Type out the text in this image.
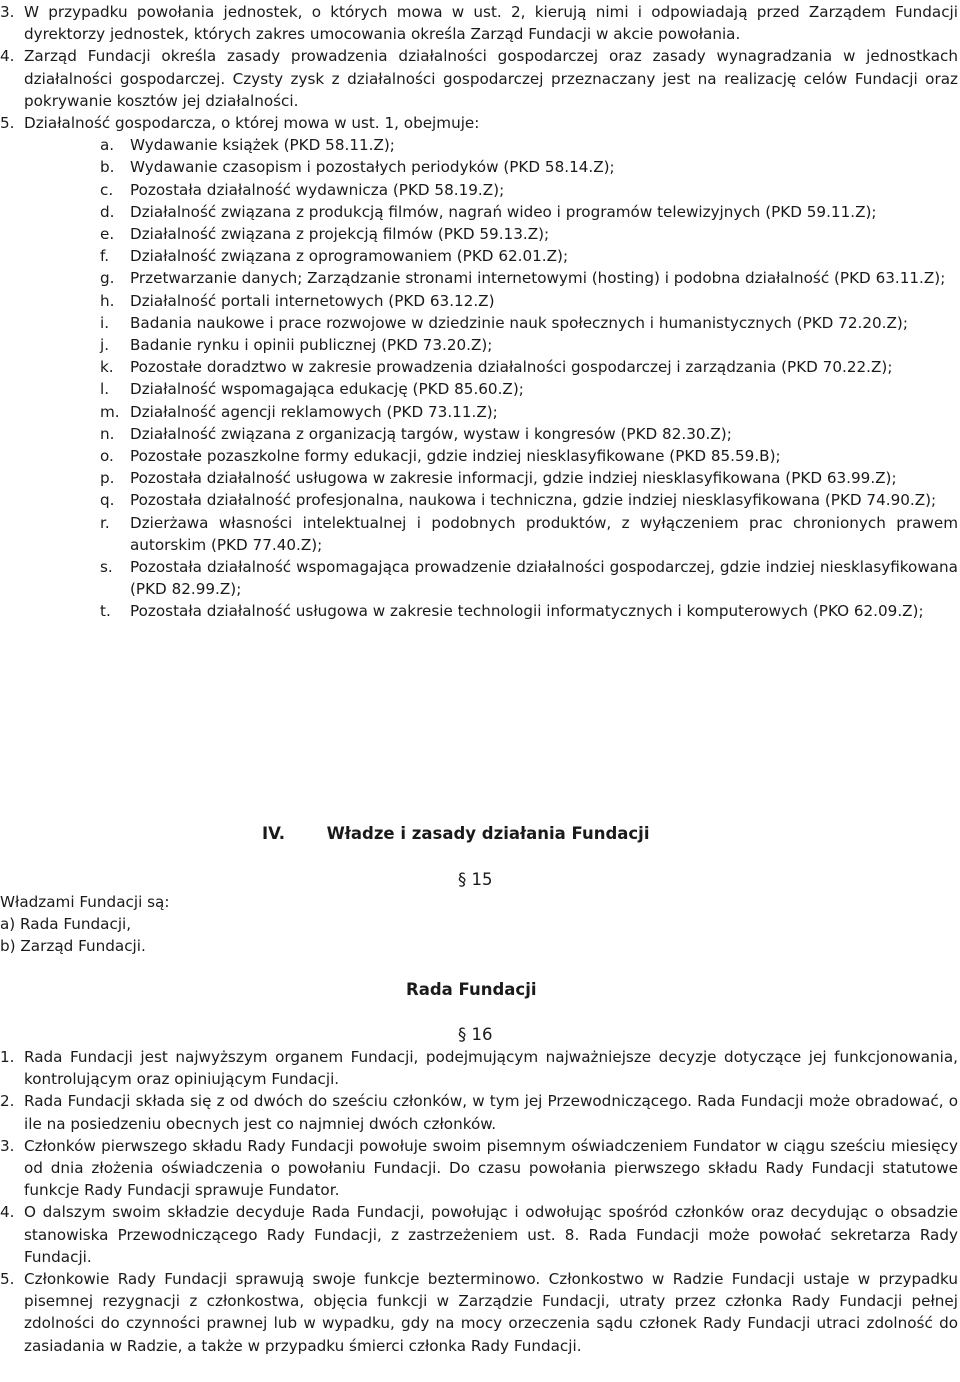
3. W przypadku powołania jednostek, o których mowa w ust. 2, kierują nimi i odpowiadają przed Zarządem Fundacji dyrektorzy jednostek, których zakres umocowania określa Zarząd Fundacji w akcie powołania.
4. Zarząd Fundacji określa zasady prowadzenia działalności gospodarczej oraz zasady wynagradzania w jednostkach działalności gospodarczej. Czysty zysk z działalności gospodarczej przeznaczany jest na realizację celów Fundacji oraz pokrywanie kosztów jej działalności.
5. Działalność gospodarcza, o której mowa w ust. 1, obejmuje:
a.	Wydawanie książek (PKD 58.11.Z);
b.	Wydawanie czasopism i pozostałych periodyków (PKD 58.14.Z);
c.	Pozostała działalność wydawnicza (PKD 58.19.Z);
d.	Działalność związana z produkcją filmów, nagrań wideo i programów telewizyjnych (PKD 59.11.Z);
e.	Działalność związana z projekcją filmów (PKD 59.13.Z);
f.	Działalność związana z oprogramowaniem (PKD 62.01.Z);
g.	Przetwarzanie danych; Zarządzanie stronami internetowymi (hosting) i podobna działalność (PKD 63.11.Z);
h.	Działalność portali internetowych (PKD 63.12.Z)
i.	Badania naukowe i prace rozwojowe w dziedzinie nauk społecznych i humanistycznych (PKD 72.20.Z);
j.	Badanie rynku i opinii publicznej (PKD 73.20.Z);
k.	Pozostałe doradztwo w zakresie prowadzenia działalności gospodarczej i zarządzania (PKD 70.22.Z);
l.	Działalność wspomagająca edukację (PKD 85.60.Z);
m. Działalność agencji reklamowych (PKD 73.11.Z);
n.	Działalność związana z organizacją targów, wystaw i kongresów (PKD 82.30.Z);
o.	Pozostałe pozaszkolne formy edukacji, gdzie indziej niesklasyfikowane (PKD 85.59.B);
p.	Pozostała działalność usługowa w zakresie informacji, gdzie indziej niesklasyfikowana (PKD 63.99.Z);
q.	Pozostała działalność profesjonalna, naukowa i techniczna, gdzie indziej niesklasyfikowana (PKD 74.90.Z);
r.	Dzierżawa własności intelektualnej i podobnych produktów, z wyłączeniem prac chronionych prawem autorskim (PKD 77.40.Z);
s.	Pozostała działalność wspomagająca prowadzenie działalności gospodarczej, gdzie indziej niesklasyfikowana (PKD 82.99.Z);
t.	Pozostała działalność usługowa w zakresie technologii informatycznych i komputerowych (PKO 62.09.Z);
IV.	Władze i zasady działania Fundacji
§ 15
Władzami Fundacji są:
a) Rada Fundacji,
b) Zarząd Fundacji.
Rada Fundacji
§ 16
1. Rada Fundacji jest najwyższym organem Fundacji, podejmującym najważniejsze decyzje dotyczące jej funkcjonowania, kontrolującym oraz opiniującym Fundacji.
2. Rada Fundacji składa się z od dwóch do sześciu członków, w tym jej Przewodniczącego. Rada Fundacji może obradować, o ile na posiedzeniu obecnych jest co najmniej dwóch członków.
3. Członków pierwszego składu Rady Fundacji powołuje swoim pisemnym oświadczeniem Fundator w ciągu sześciu miesięcy od dnia złożenia oświadczenia o powołaniu Fundacji. Do czasu powołania pierwszego składu Rady Fundacji statutowe funkcje Rady Fundacji sprawuje Fundator.
4. O dalszym swoim składzie decyduje Rada Fundacji, powołując i odwołując spośród członków oraz decydując o obsadzie stanowiska Przewodniczącego Rady Fundacji, z zastrzeżeniem ust. 8. Rada Fundacji może powołać sekretarza Rady Fundacji.
5. Członkowie Rady Fundacji sprawują swoje funkcje bezterminowo. Członkostwo w Radzie Fundacji ustaje w przypadku pisemnej rezygnacji z członkostwa, objęcia funkcji w Zarządzie Fundacji, utraty przez członka Rady Fundacji pełnej zdolności do czynności prawnej lub w wypadku, gdy na mocy orzeczenia sądu członek Rady Fundacji utraci zdolność do zasiadania w Radzie, a także w przypadku śmierci członka Rady Fundacji.
